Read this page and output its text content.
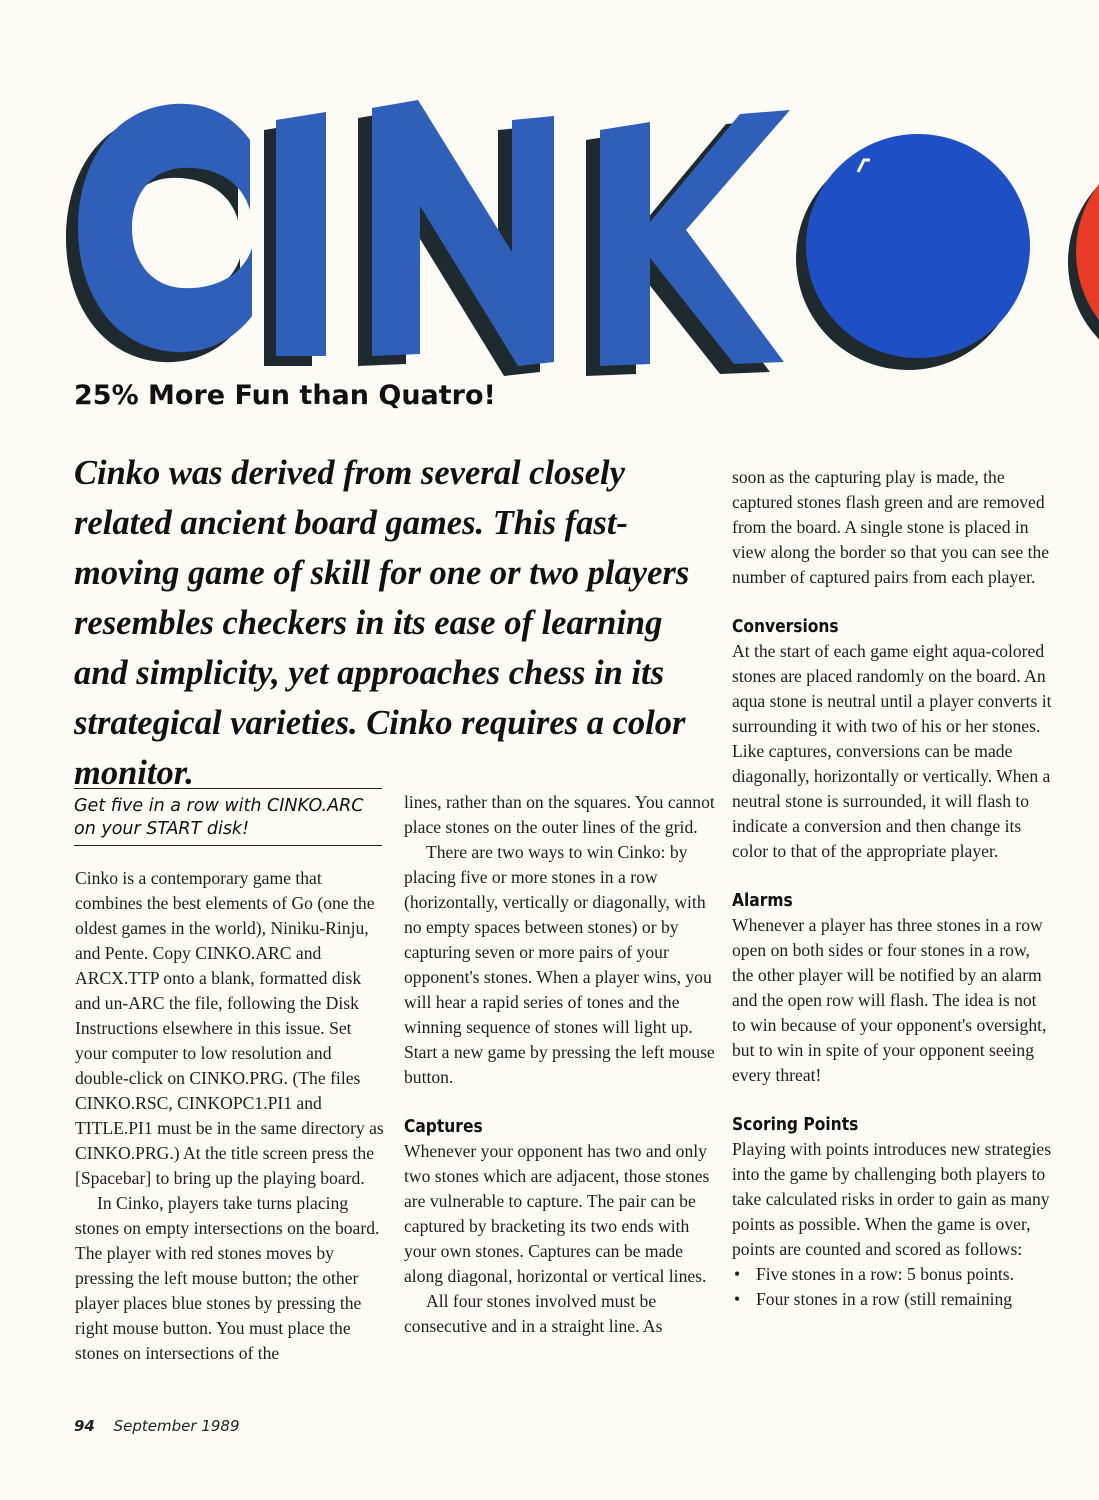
25% More Fun than Quatro!
Cinko was derived from several closely related ancient board games. This fast-moving game of skill for one or two players resembles checkers in its ease of learning and simplicity, yet approaches chess in its strategical varieties. Cinko requires a color monitor.
Get five in a row with CINKO.ARC on your START disk!

Cinko is a contemporary game that combines the best elements of Go (one the oldest games in the world), Niniku-Rinju, and Pente. Copy CINKO.ARC and ARCX.TTP onto a blank, formatted disk and un-ARC the file, following the Disk Instructions elsewhere in this issue. Set your computer to low resolution and double-click on CINKO.PRG. (The files CINKO.RSC, CINKOPC1.PI1 and TITLE.PI1 must be in the same directory as CINKO.PRG.) At the title screen press the [Spacebar] to bring up the playing board.

In Cinko, players take turns placing stones on empty intersections on the board. The player with red stones moves by pressing the left mouse button; the other player places blue stones by pressing the right mouse button. You must place the stones on intersections of the

lines, rather than on the squares. You cannot place stones on the outer lines of the grid.

There are two ways to win Cinko: by placing five or more stones in a row (horizontally, vertically or diagonally, with no empty spaces between stones) or by capturing seven or more pairs of your opponent's stones. When a player wins, you will hear a rapid series of tones and the winning sequence of stones will light up. Start a new game by pressing the left mouse button.

Captures

Whenever your opponent has two and only two stones which are adjacent, those stones are vulnerable to capture. The pair can be captured by bracketing its two ends with your own stones. Captures can be made along diagonal, horizontal or vertical lines.

All four stones involved must be consecutive and in a straight line. As

soon as the capturing play is made, the captured stones flash green and are removed from the board. A single stone is placed in view along the border so that you can see the number of captured pairs from each player.

Conversions

At the start of each game eight aqua-colored stones are placed randomly on the board. An aqua stone is neutral until a player converts it surrounding it with two of his or her stones. Like captures, conversions can be made diagonally, horizontally or vertically. When a neutral stone is surrounded, it will flash to indicate a conversion and then change its color to that of the appropriate player.

Alarms

Whenever a player has three stones in a row open on both sides or four stones in a row, the other player will be notified by an alarm and the open row will flash. The idea is not to win because of your opponent's oversight, but to win in spite of your opponent seeing every threat!

Scoring Points

Playing with points introduces new strategies into the game by challenging both players to take calculated risks in order to gain as many points as possible. When the game is over, points are counted and scored as follows:

• Five stones in a row: 5 bonus points.
• Four stones in a row (still remaining
94 September 1989
